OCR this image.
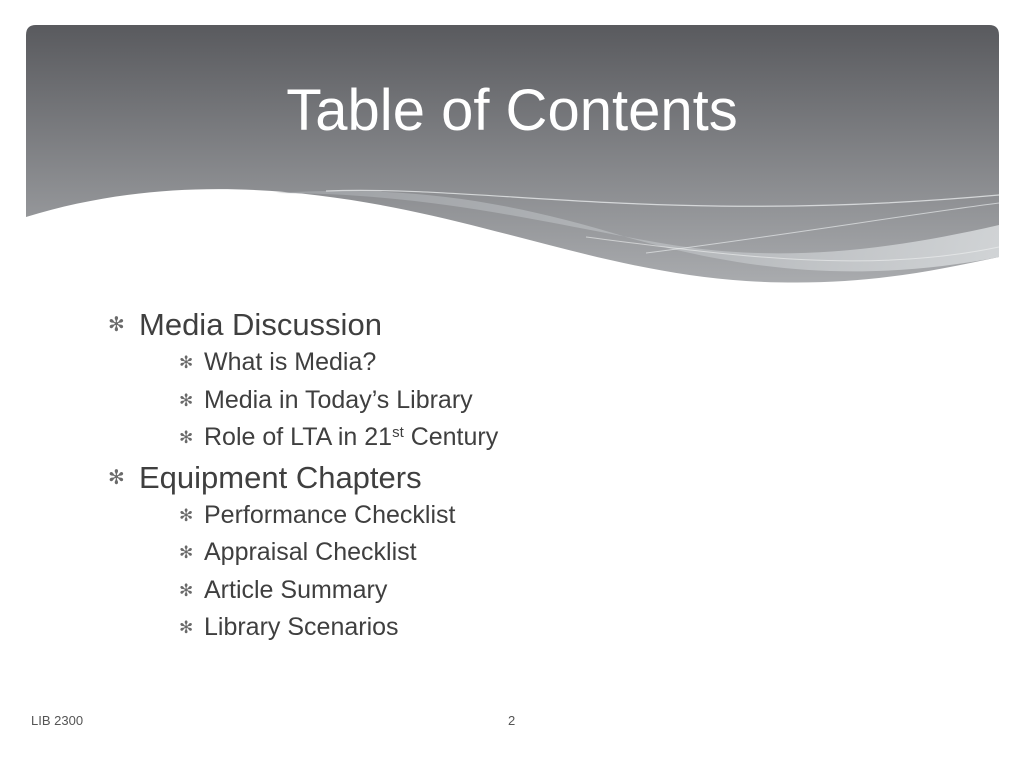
Table of Contents
✻ Media Discussion
✻ What is Media?
✻ Media in Today’s Library
✻ Role of LTA in 21st Century
✻ Equipment Chapters
✻ Performance Checklist
✻ Appraisal Checklist
✻ Article Summary
✻ Library Scenarios
LIB 2300	2
